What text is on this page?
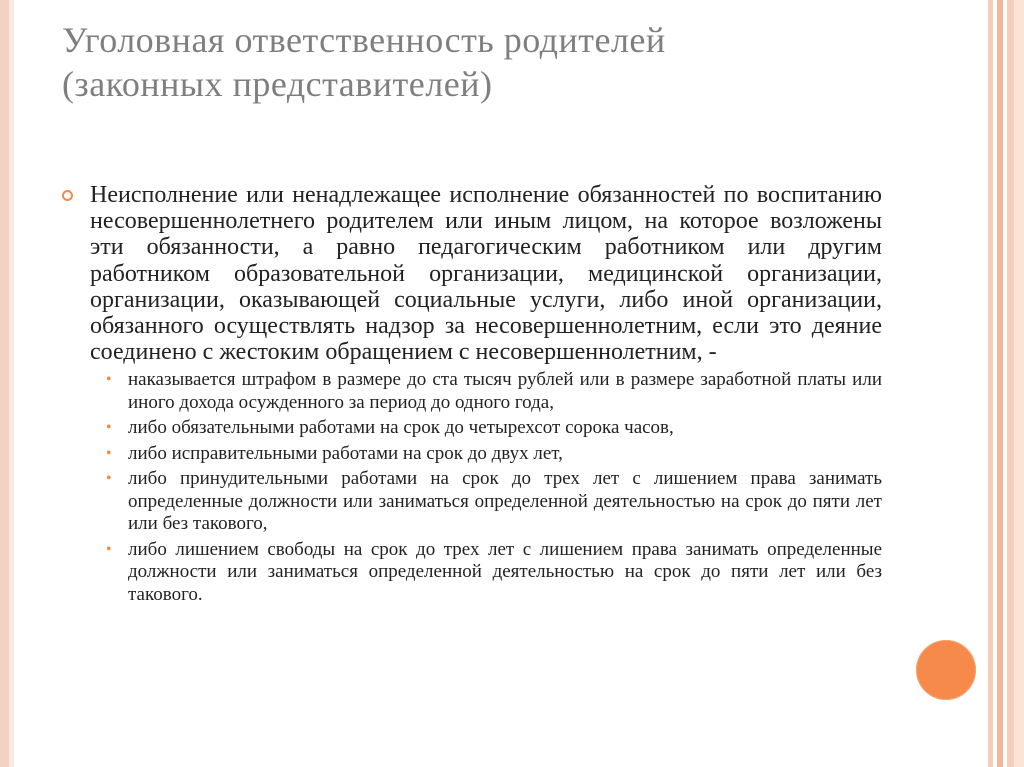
Уголовная ответственность родителей
(законных представителей)
Неисполнение или ненадлежащее исполнение обязанностей по воспитанию несовершеннолетнего родителем или иным лицом, на которое возложены эти обязанности, а равно педагогическим работником или другим работником образовательной организации, медицинской организации, организации, оказывающей социальные услуги, либо иной организации, обязанного осуществлять надзор за несовершеннолетним, если это деяние соединено с жестоким обращением с несовершеннолетним, -
• наказывается штрафом в размере до ста тысяч рублей или в размере заработной платы или иного дохода осужденного за период до одного года,
• либо обязательными работами на срок до четырехсот сорока часов,
• либо исправительными работами на срок до двух лет,
• либо принудительными работами на срок до трех лет с лишением права занимать определенные должности или заниматься определенной деятельностью на срок до пяти лет или без такового,
• либо лишением свободы на срок до трех лет с лишением права занимать определенные должности или заниматься определенной деятельностью на срок до пяти лет или без такового.
